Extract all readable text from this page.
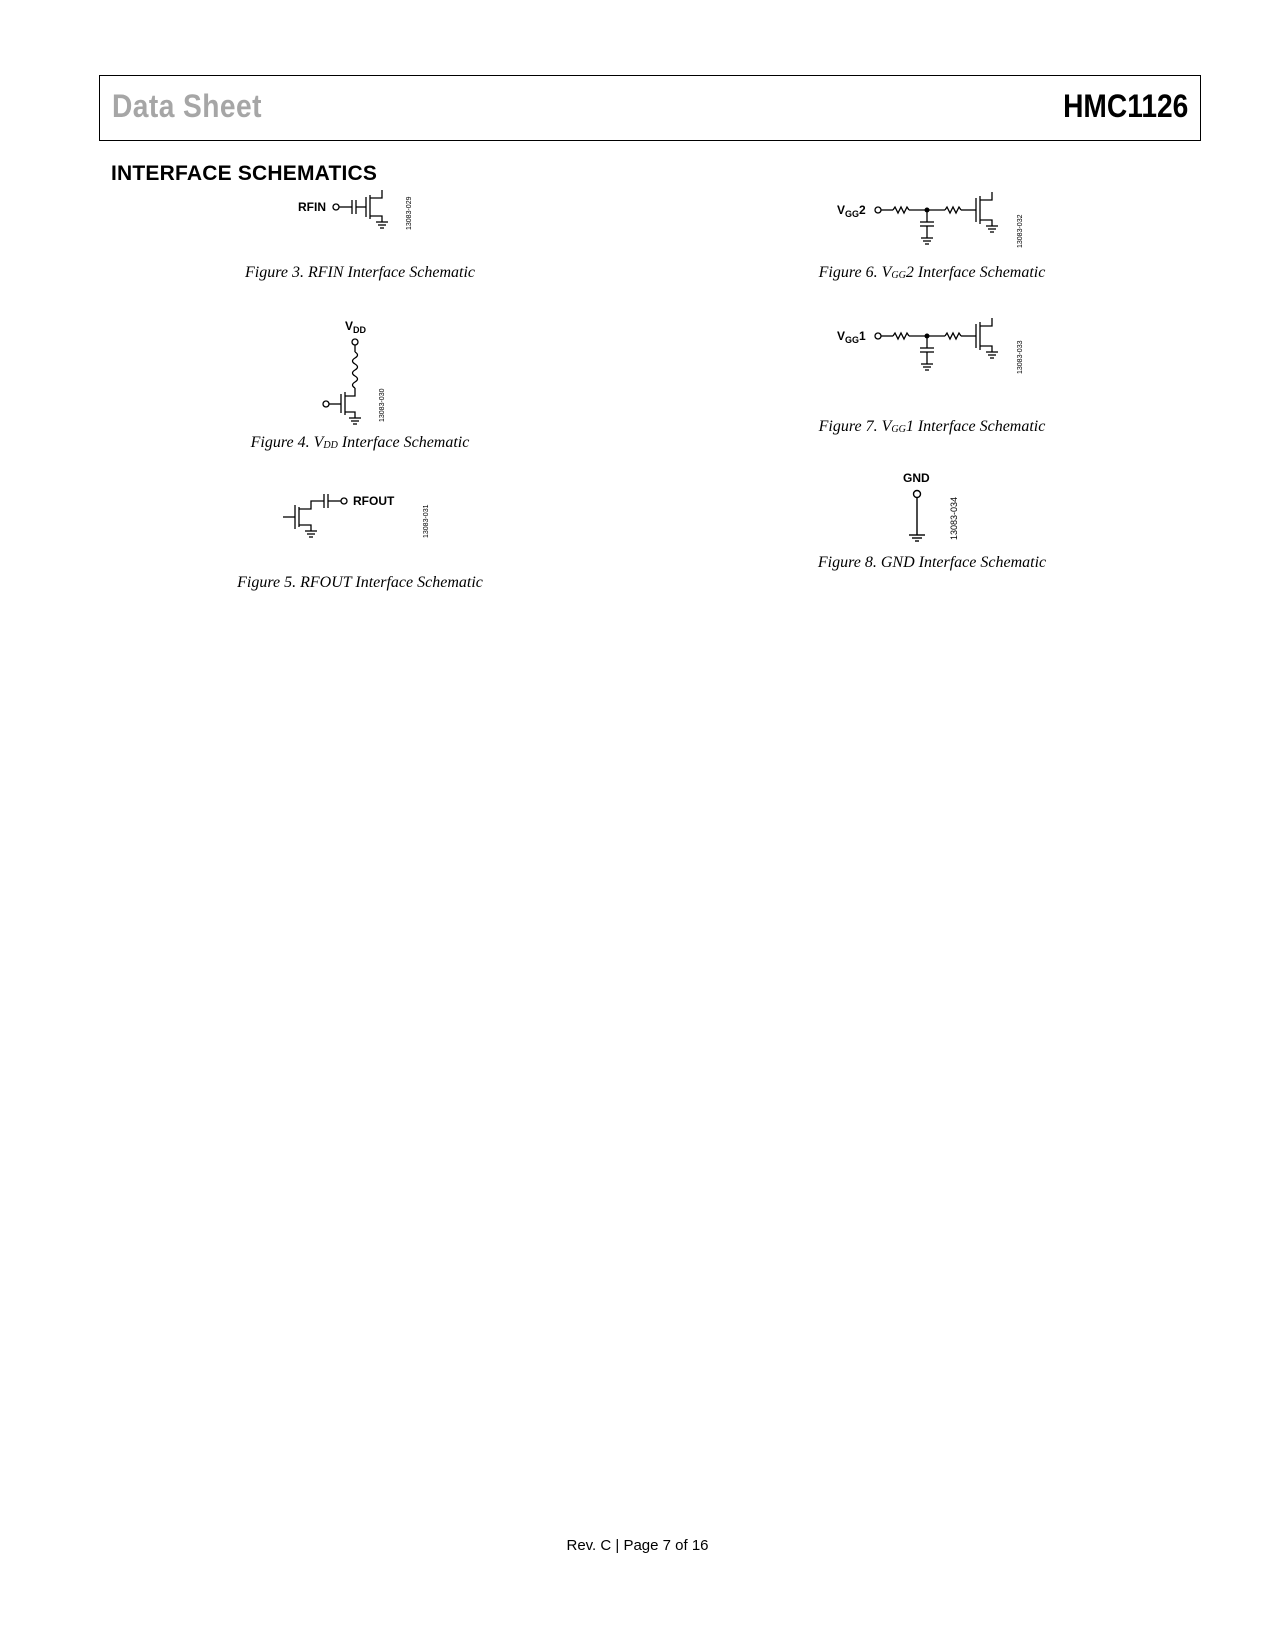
Data Sheet	HMC1126
INTERFACE SCHEMATICS
RFIN	13083-029
Figure 3. RFIN Interface Schematic
$V_{DD}$
13083-030
Figure 4. $V_{DD}$ Interface Schematic
RFOUT
13083-031
Figure 5. RFOUT Interface Schematic
$V_{GG}2$
13083-032
Figure 6. $V_{GG}2$ Interface Schematic
$V_{GG}1$
13083-033
Figure 7. $V_{GG}1$ Interface Schematic
GND
13083-034
Figure 8. GND Interface Schematic
Rev. C | Page 7 of 16
